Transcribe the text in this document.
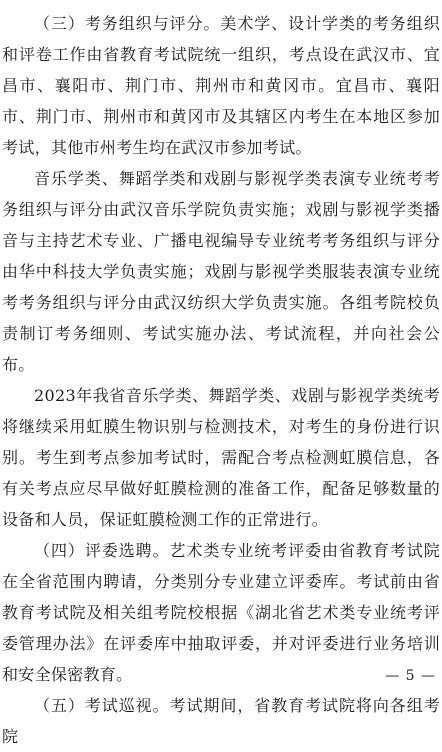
（三）考务组织与评分。美术学、设计学类的考务组织和评卷工作由省教育考试院统一组织，考点设在武汉市、宜昌市、襄阳市、荆门市、荆州市和黄冈市。宜昌市、襄阳市、荆门市、荆州市和黄冈市及其辖区内考生在本地区参加考试，其他市州考生均在武汉市参加考试。

音乐学类、舞蹈学类和戏剧与影视学类表演专业统考考务组织与评分由武汉音乐学院负责实施；戏剧与影视学类播音与主持艺术专业、广播电视编导专业统考考务组织与评分由华中科技大学负责实施；戏剧与影视学类服装表演专业统考考务组织与评分由武汉纺织大学负责实施。各组考院校负责制订考务细则、考试实施办法、考试流程，并向社会公布。

2023年我省音乐学类、舞蹈学类、戏剧与影视学类统考将继续采用虹膜生物识别与检测技术，对考生的身份进行识别。考生到考点参加考试时，需配合考点检测虹膜信息，各有关考点应尽早做好虹膜检测的准备工作，配备足够数量的设备和人员，保证虹膜检测工作的正常进行。

（四）评委选聘。艺术类专业统考评委由省教育考试院在全省范围内聘请，分类别分专业建立评委库。考试前由省教育考试院及相关组考院校根据《湖北省艺术类专业统考评委管理办法》在评委库中抽取评委，并对评委进行业务培训和安全保密教育。

（五）考试巡视。考试期间，省教育考试院将向各组考院

— 5 —
